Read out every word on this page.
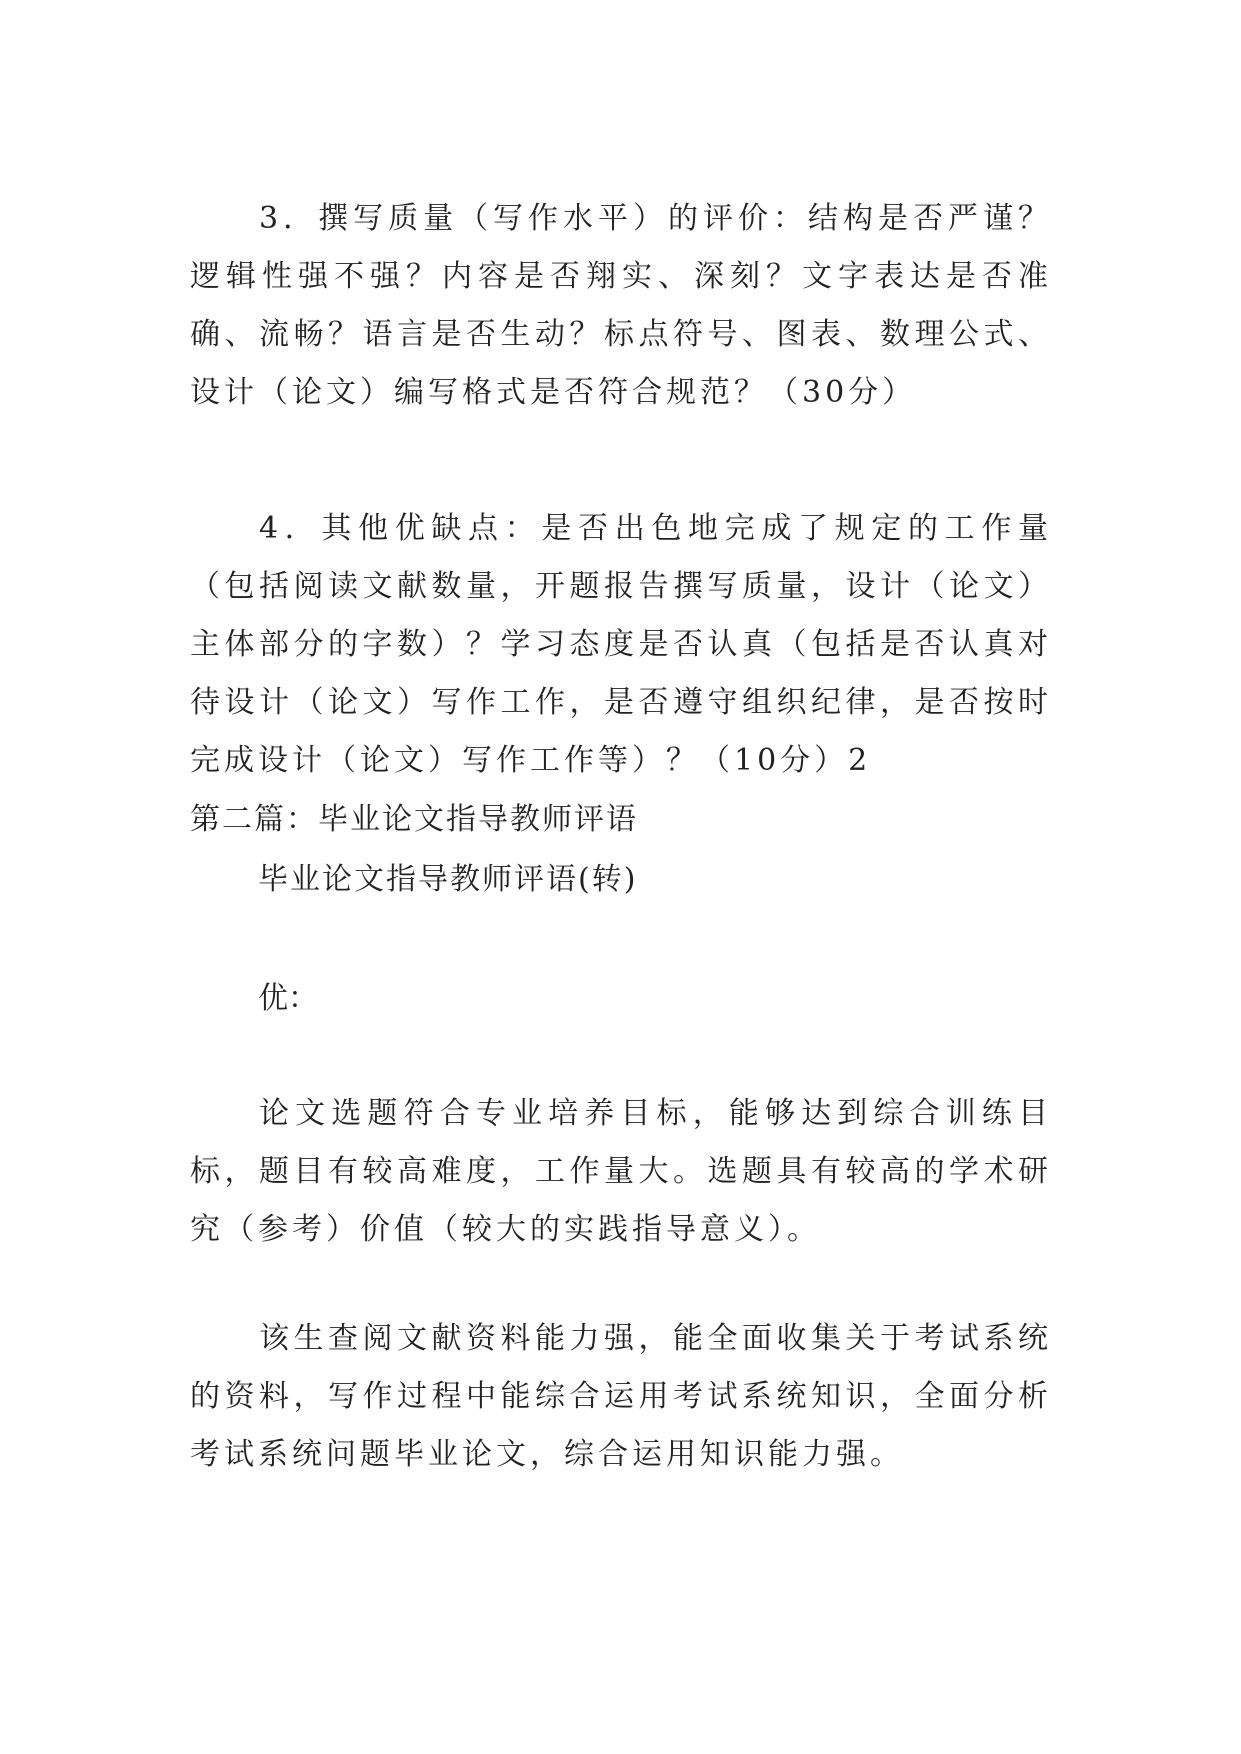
3．撰写质量（写作水平）的评价：结构是否严谨？逻辑性强不强？内容是否翔实、深刻？文字表达是否准确、流畅？语言是否生动？标点符号、图表、数理公式、设计（论文）编写格式是否符合规范？（30分）

4．其他优缺点：是否出色地完成了规定的工作量（包括阅读文献数量，开题报告撰写质量，设计（论文）主体部分的字数）？学习态度是否认真（包括是否认真对待设计（论文）写作工作，是否遵守组织纪律，是否按时完成设计（论文）写作工作等）？（10分）2

第二篇：毕业论文指导教师评语

毕业论文指导教师评语(转)

优：

论文选题符合专业培养目标，能够达到综合训练目标，题目有较高难度，工作量大。选题具有较高的学术研究（参考）价值（较大的实践指导意义）。

该生查阅文献资料能力强，能全面收集关于考试系统的资料，写作过程中能综合运用考试系统知识，全面分析考试系统问题毕业论文，综合运用知识能力强。
